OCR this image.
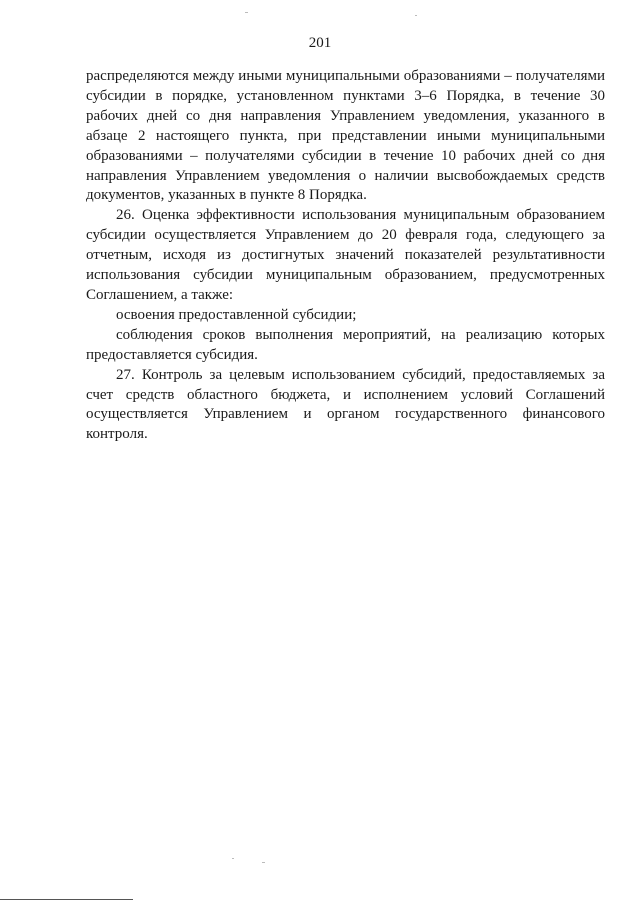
201

распределяются между иными муниципальными образованиями – получателями субсидии в порядке, установленном пунктами 3–6 Порядка, в течение 30 рабочих дней со дня направления Управлением уведомления, указанного в абзаце 2 настоящего пункта, при представлении иными муниципальными образованиями – получателями субсидии в течение 10 рабочих дней со дня направления Управлением уведомления о наличии высвобождаемых средств документов, указанных в пункте 8 Порядка.

26. Оценка эффективности использования муниципальным образованием субсидии осуществляется Управлением до 20 февраля года, следующего за отчетным, исходя из достигнутых значений показателей результативности использования субсидии муниципальным образованием, предусмотренных Соглашением, а также:

освоения предоставленной субсидии;

соблюдения сроков выполнения мероприятий, на реализацию которых предоставляется субсидия.

27. Контроль за целевым использованием субсидий, предоставляемых за счет средств областного бюджета, и исполнением условий Соглашений осуществляется Управлением и органом государственного финансового контроля.
